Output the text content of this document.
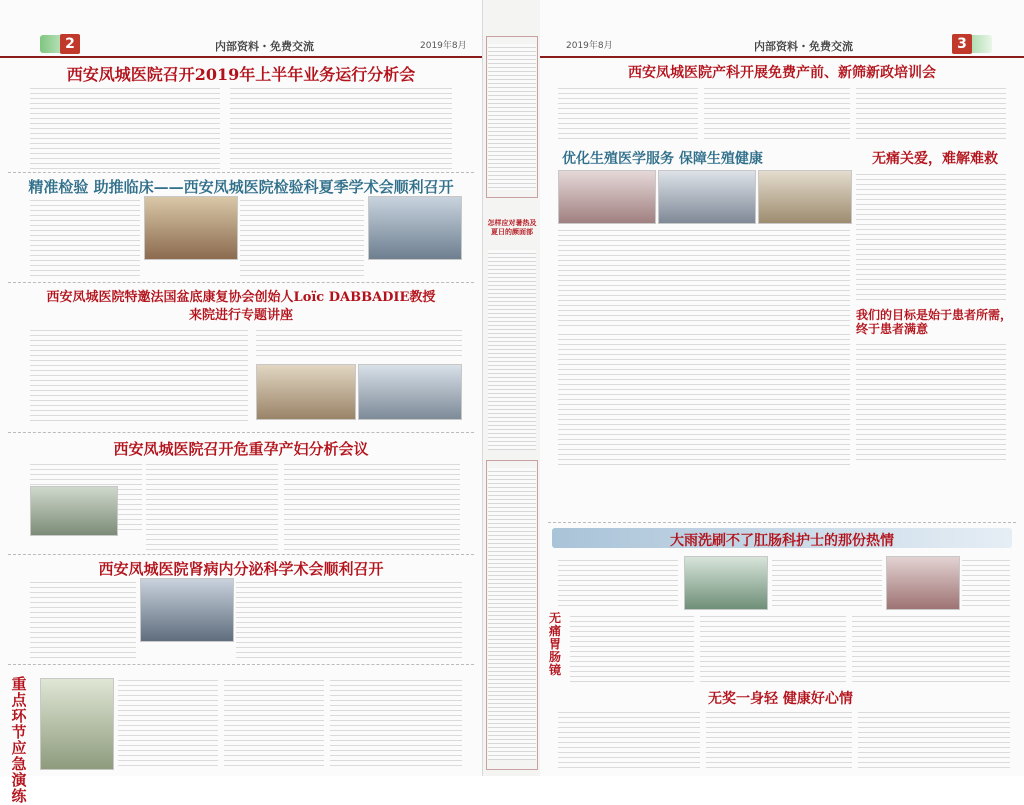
2	内部资料・免费交流	2019年8月
西安凤城医院召开2019年上半年业务运行分析会
精准检验 助推临床——西安凤城医院检验科夏季学术会顺利召开
西安凤城医院特邀法国盆底康复协会创始人Loïc DABBADIE教授
来院进行专题讲座
西安凤城医院召开危重孕产妇分析会议
西安凤城医院肾病内分泌科学术会顺利召开
重点环节 应急演练
怎样应对暑热及夏日的颜面部
2019年8月	内部资料・免费交流	3
西安凤城医院产科开展免费产前、新筛新政培训会
优化生殖医学服务 保障生殖健康	无痛关爱，难解难救
我们的目标是始于患者所需，终于患者满意
大雨洗刷不了肛肠科护士的那份热情
无痛胃肠镜
无奖一身轻 健康好心情
